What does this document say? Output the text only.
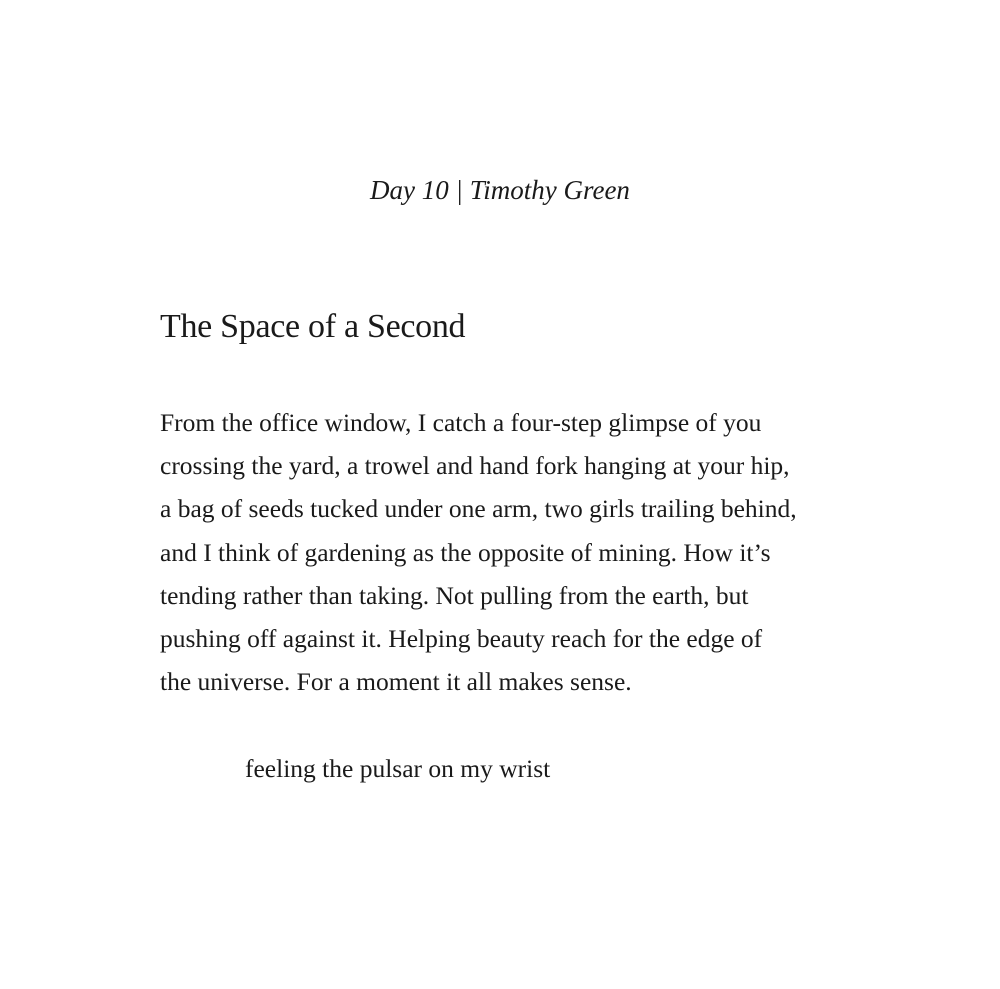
Day 10 | Timothy Green
The Space of a Second
From the office window, I catch a four-step glimpse of you
crossing the yard, a trowel and hand fork hanging at your hip,
a bag of seeds tucked under one arm, two girls trailing behind,
and I think of gardening as the opposite of mining. How it’s
tending rather than taking. Not pulling from the earth, but
pushing off against it. Helping beauty reach for the edge of
the universe. For a moment it all makes sense.
feeling the pulsar on my wrist
